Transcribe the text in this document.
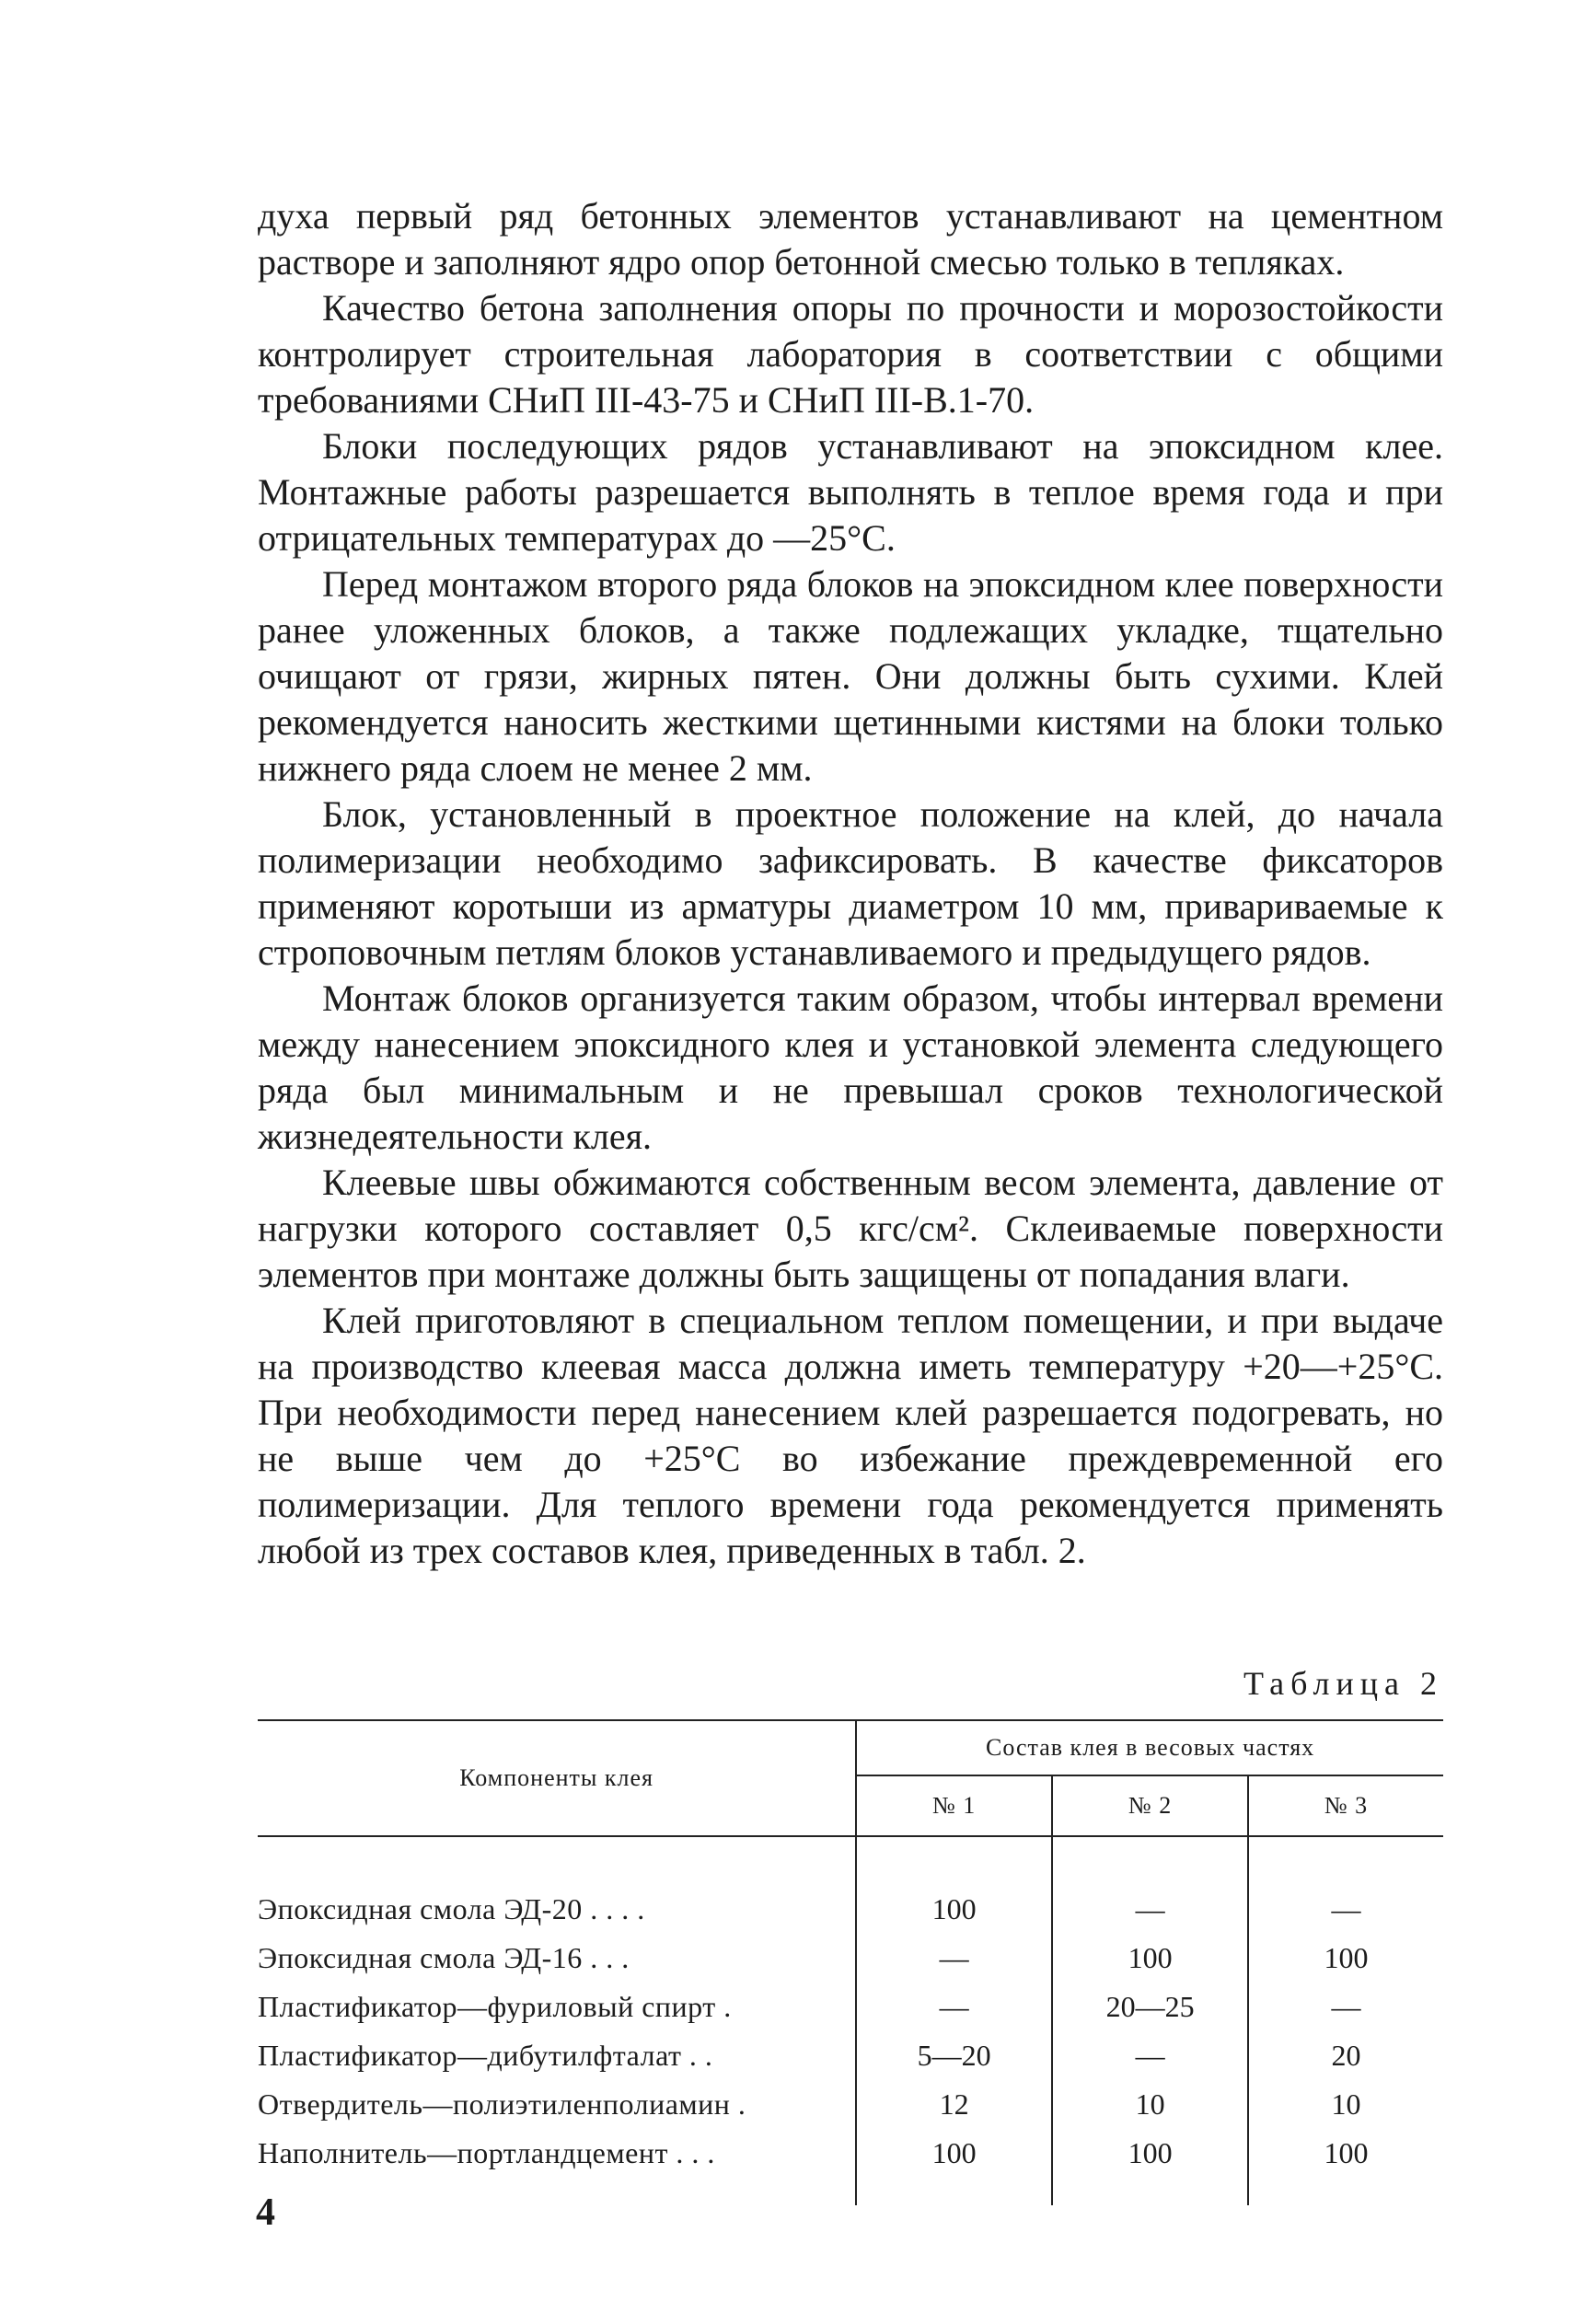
духа первый ряд бетонных элементов устанавливают на цементном растворе и заполняют ядро опор бетонной смесью только в тепляках.

Качество бетона заполнения опоры по прочности и морозостойкости контролирует строительная лаборатория в соответствии с общими требованиями СНиП III-43-75 и СНиП III-В.1-70.

Блоки последующих рядов устанавливают на эпоксидном клее. Монтажные работы разрешается выполнять в теплое время года и при отрицательных температурах до —25°С.

Перед монтажом второго ряда блоков на эпоксидном клее поверхности ранее уложенных блоков, а также подлежащих укладке, тщательно очищают от грязи, жирных пятен. Они должны быть сухими. Клей рекомендуется наносить жесткими щетинными кистями на блоки только нижнего ряда слоем не менее 2 мм.

Блок, установленный в проектное положение на клей, до начала полимеризации необходимо зафиксировать. В качестве фиксаторов применяют коротыши из арматуры диаметром 10 мм, привариваемые к строповочным петлям блоков устанавливаемого и предыдущего рядов.

Монтаж блоков организуется таким образом, чтобы интервал времени между нанесением эпоксидного клея и установкой элемента следующего ряда был минимальным и не превышал сроков технологической жизнедеятельности клея.

Клеевые швы обжимаются собственным весом элемента, давление от нагрузки которого составляет 0,5 кгс/см². Склеиваемые поверхности элементов при монтаже должны быть защищены от попадания влаги.

Клей приготовляют в специальном теплом помещении, и при выдаче на производство клеевая масса должна иметь температуру +20—+25°С. При необходимости перед нанесением клей разрешается подогревать, но не выше чем до +25°С во избежание преждевременной его полимеризации. Для теплого времени года рекомендуется применять любой из трех составов клея, приведенных в табл. 2.

Таблица 2
Компоненты клея	Состав клея в весовых частях		
	№ 1	№ 2	№ 3

Эпоксидная смола ЭД-20 . . . .	100	—	—
Эпоксидная смола ЭД-16 . . .	—	100	100
Пластификатор—фуриловый спирт .	—	20—25	—
Пластификатор—дибутилфталат . .	5—20	—	20
Отвердитель—полиэтиленполиамин .	12	10	10
Наполнитель—портландцемент . . .	100	100	100

4
